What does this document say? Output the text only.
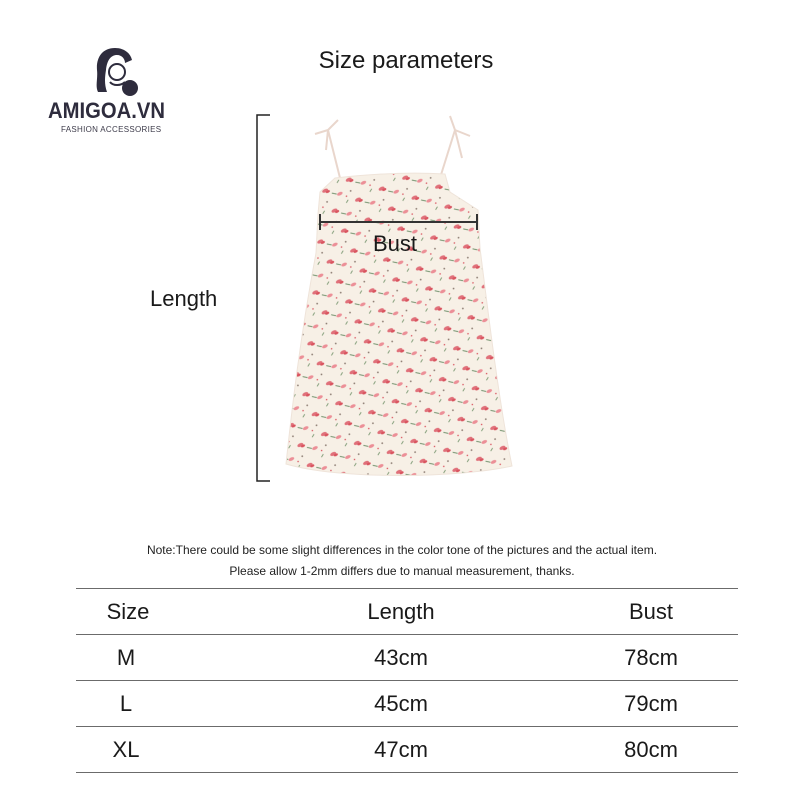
AMIGOA.VN
FASHION ACCESSORIES
Size parameters
Length
Bust
Note:There could be some slight differences in the color tone of the pictures and the actual item.
Please allow 1-2mm differs due to manual measurement, thanks.
Size	Length	Bust
M	43cm	78cm
L	45cm	79cm
XL	47cm	80cm
